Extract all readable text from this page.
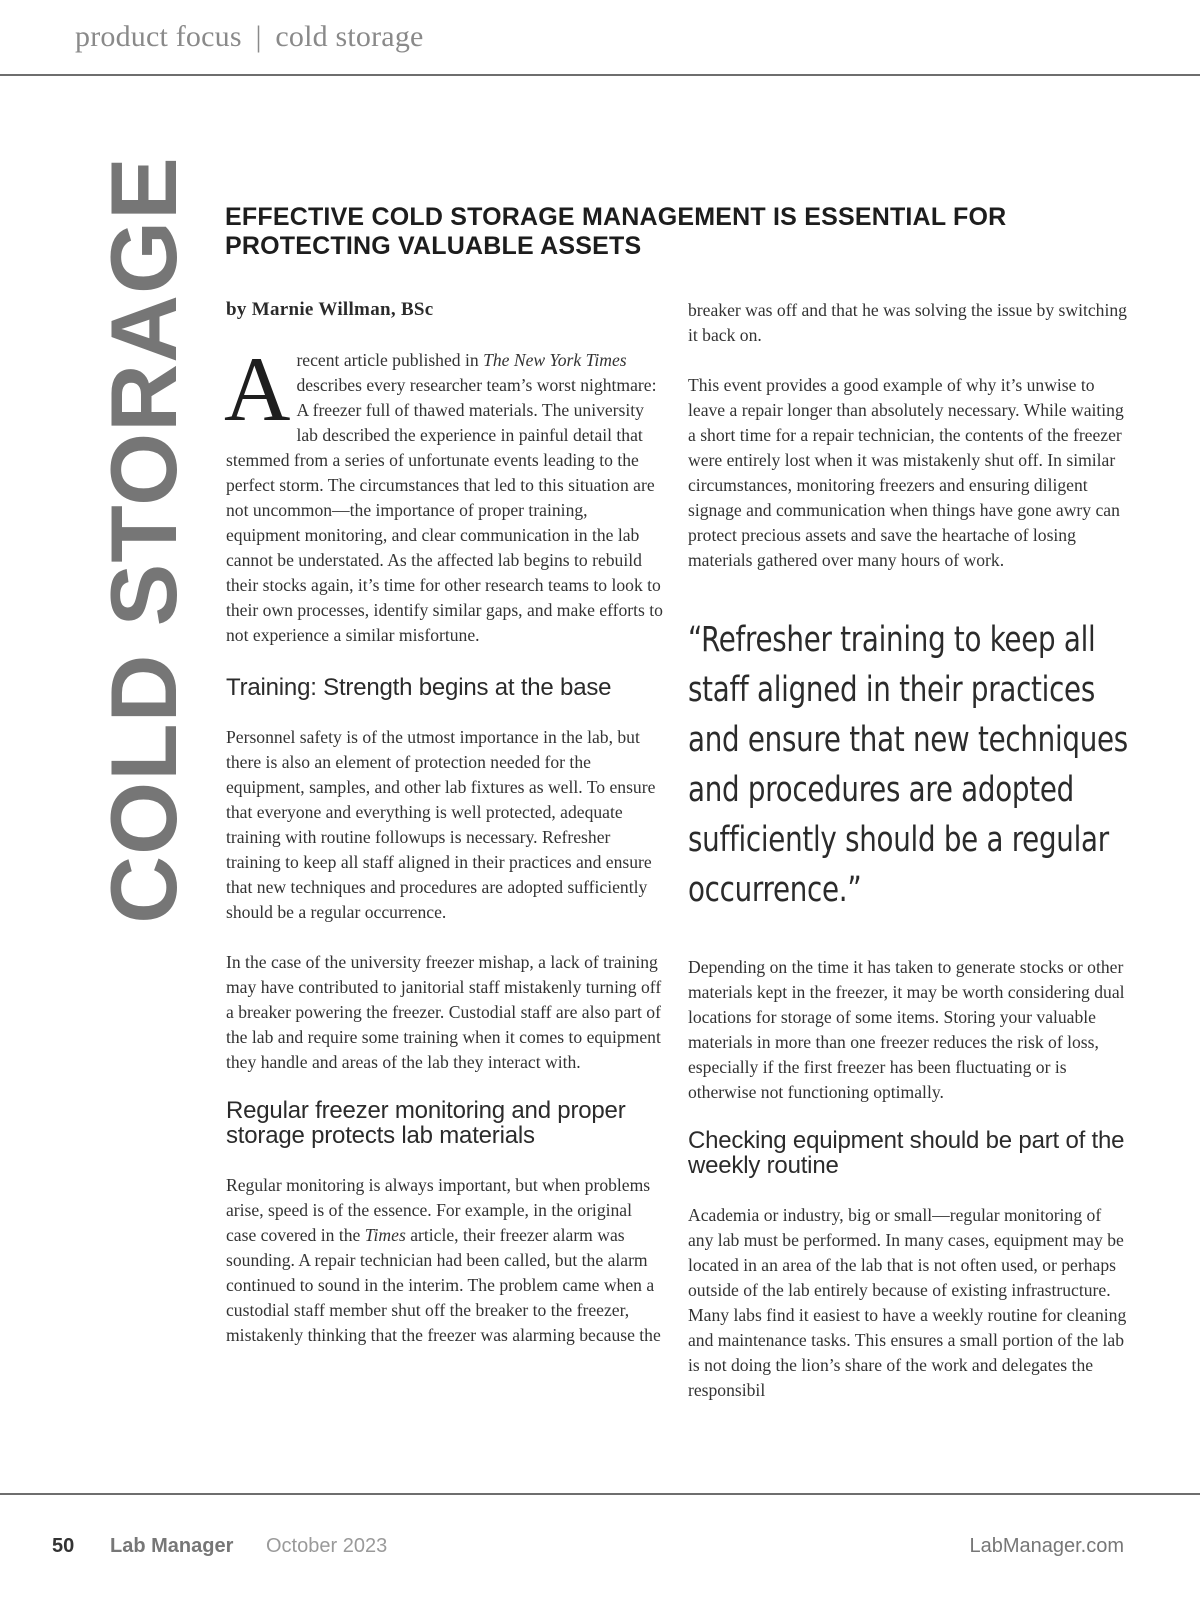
product focus | cold storage
COLD STORAGE EFFECTIVE COLD STORAGE MANAGEMENT IS ESSENTIAL FOR PROTECTING VALUABLE ASSETS
by Marnie Willman, BSc

A recent article published in The New York Times describes every researcher team’s worst nightmare: A freezer full of thawed materials. The university lab described the experience in painful detail that stemmed from a series of unfortunate events leading to the perfect storm. The circumstances that led to this situation are not uncommon—the importance of proper training, equipment monitoring, and clear communication in the lab cannot be understated. As the affected lab begins to rebuild their stocks again, it’s time for other research teams to look to their own processes, identify similar gaps, and make efforts to not experience a similar misfortune.

Training: Strength begins at the base

Personnel safety is of the utmost importance in the lab, but there is also an element of protection needed for the equipment, samples, and other lab fixtures as well. To ensure that everyone and everything is well protected, adequate training with routine followups is necessary. Refresher training to keep all staff aligned in their practices and ensure that new techniques and procedures are adopted sufficiently should be a regular occurrence.

In the case of the university freezer mishap, a lack of training may have contributed to janitorial staff mistakenly turning off a breaker powering the freezer. Custodial staff are also part of the lab and require some training when it comes to equipment they handle and areas of the lab they interact with.

Regular freezer monitoring and proper storage protects lab materials

Regular monitoring is always important, but when problems arise, speed is of the essence. For example, in the original case covered in the Times article, their freezer alarm was sounding. A repair technician had been called, but the alarm continued to sound in the interim. The problem came when a custodial staff member shut off the breaker to the freezer, mistakenly thinking that the freezer was alarming because the

breaker was off and that he was solving the issue by switching it back on.

This event provides a good example of why it’s unwise to leave a repair longer than absolutely necessary. While waiting a short time for a repair technician, the contents of the freezer were entirely lost when it was mistakenly shut off. In similar circumstances, monitoring freezers and ensuring diligent signage and communication when things have gone awry can protect precious assets and save the heartache of losing materials gathered over many hours of work.

“Refresher training to keep all staff aligned in their practices and ensure that new techniques and procedures are adopted sufficiently should be a regular occurrence.”

Depending on the time it has taken to generate stocks or other materials kept in the freezer, it may be worth considering dual locations for storage of some items. Storing your valuable materials in more than one freezer reduces the risk of loss, especially if the first freezer has been fluctuating or is otherwise not functioning optimally.

Checking equipment should be part of the weekly routine

Academia or industry, big or small—regular monitoring of any lab must be performed. In many cases, equipment may be located in an area of the lab that is not often used, or perhaps outside of the lab entirely because of existing infrastructure. Many labs find it easiest to have a weekly routine for cleaning and maintenance tasks. This ensures a small portion of the lab is not doing the lion’s share of the work and delegates the responsibil

50 Lab Manager October 2023	LabManager.com
